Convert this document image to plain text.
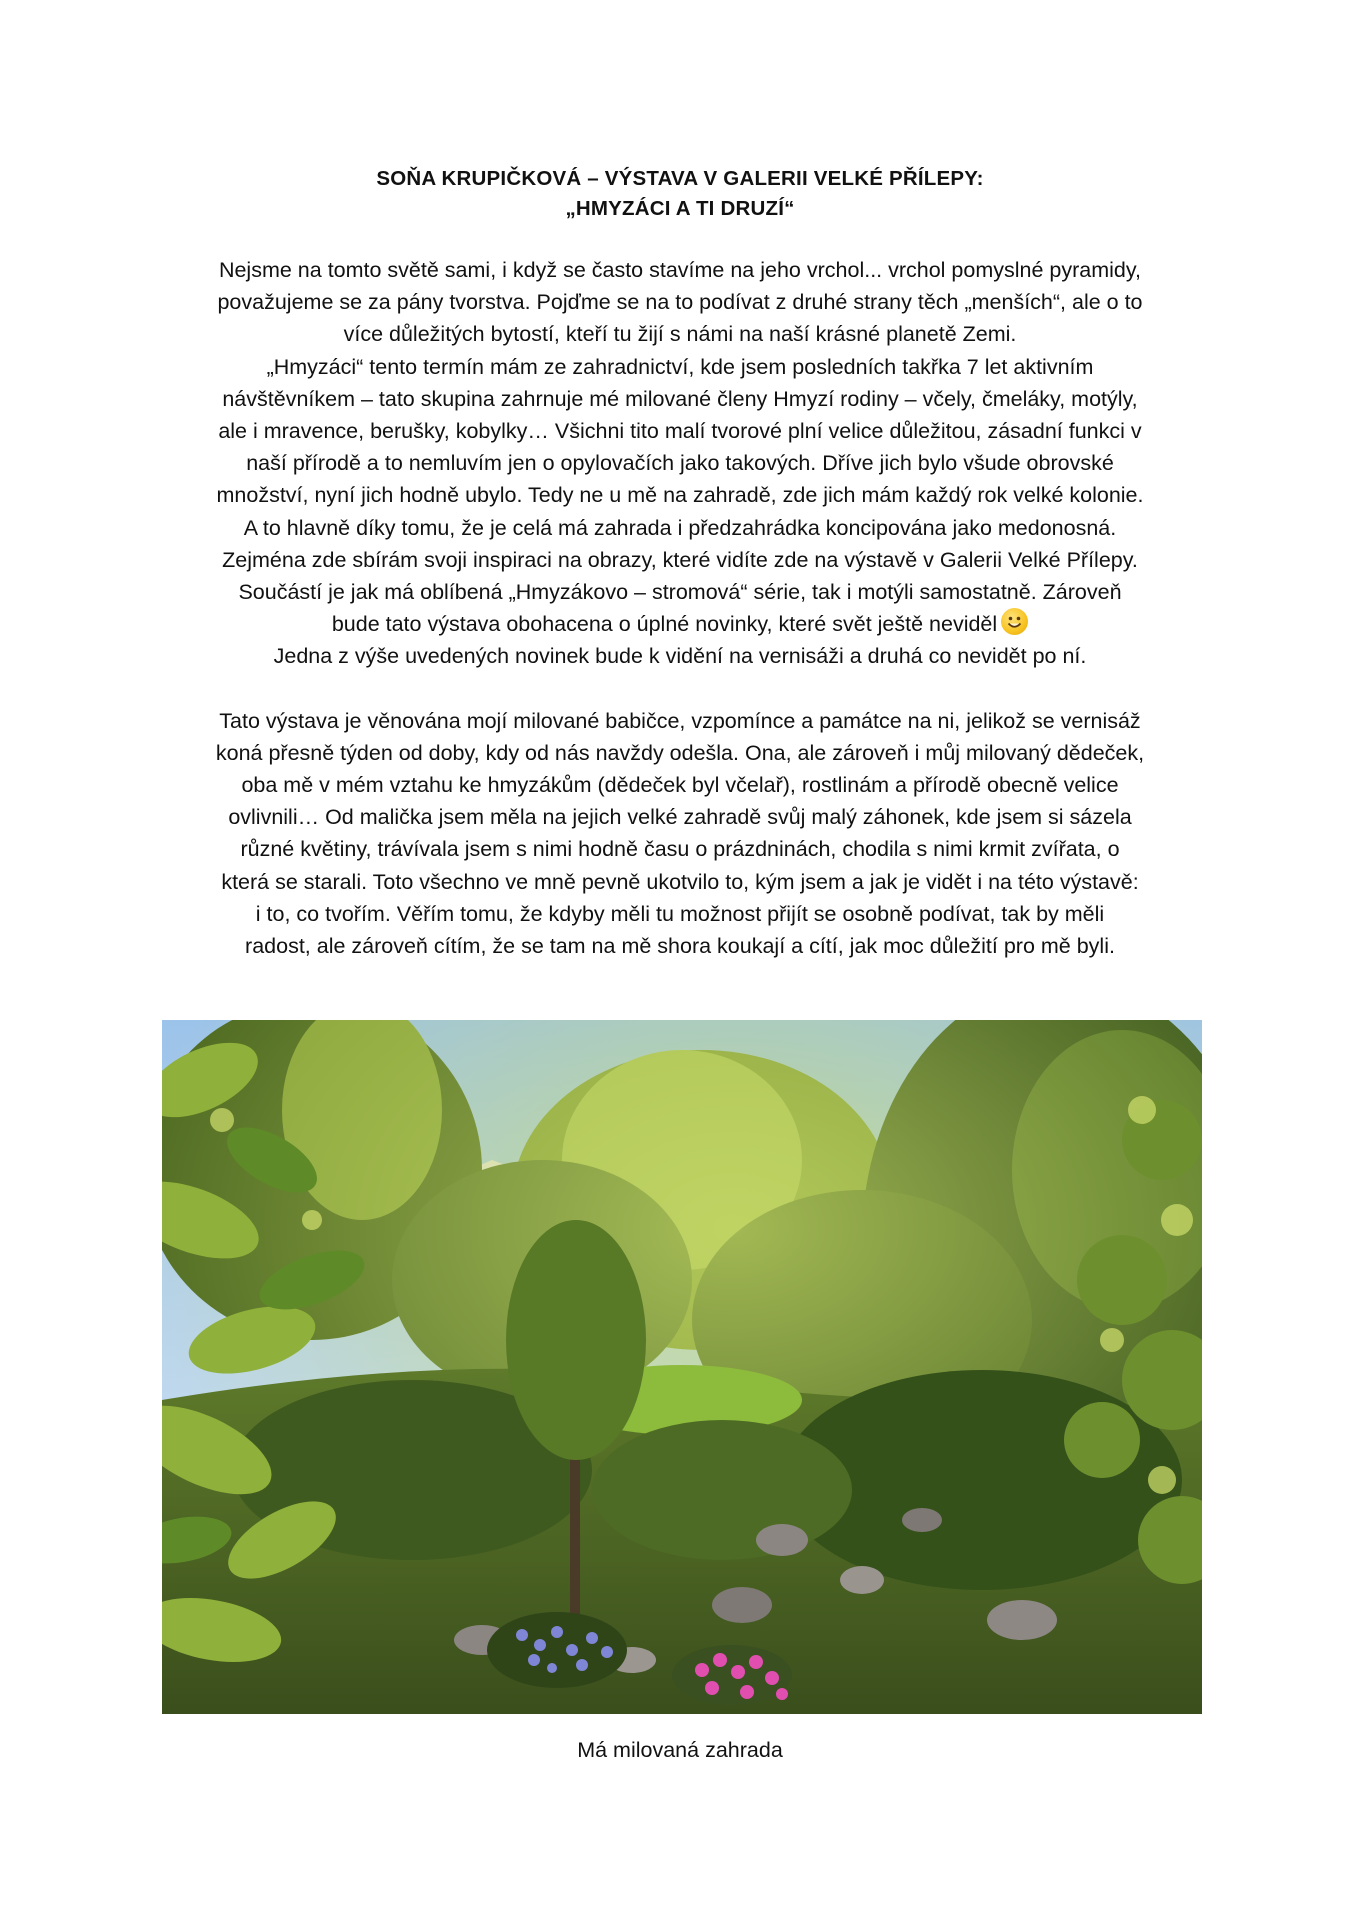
SOŇA KRUPIČKOVÁ – VÝSTAVA V GALERII VELKÉ PŘÍLEPY:
„HMYZÁCI A TI DRUZÍ“
Nejsme na tomto světě sami, i když se často stavíme na jeho vrchol... vrchol pomyslné pyramidy,
považujeme se za pány tvorstva. Pojďme se na to podívat z druhé strany těch „menších“, ale o to
více důležitých bytostí, kteří tu žijí s námi na naší krásné planetě Zemi.
„Hmyzáci“ tento termín mám ze zahradnictví, kde jsem posledních takřka 7 let aktivním
návštěvníkem – tato skupina zahrnuje mé milované členy Hmyzí rodiny – včely, čmeláky, motýly,
ale i mravence, berušky, kobylky… Všichni tito malí tvorové plní velice důležitou, zásadní funkci v
naší přírodě a to nemluvím jen o opylovačích jako takových. Dříve jich bylo všude obrovské
množství, nyní jich hodně ubylo. Tedy ne u mě na zahradě, zde jich mám každý rok velké kolonie.
A to hlavně díky tomu, že je celá má zahrada i předzahrádka koncipována jako medonosná.
Zejména zde sbírám svoji inspiraci na obrazy, které vidíte zde na výstavě v Galerii Velké Přílepy.
Součástí je jak má oblíbená „Hmyzákovo – stromová“ série, tak i motýli samostatně. Zároveň
bude tato výstava obohacena o úplné novinky, které svět ještě neviděl
Jedna z výše uvedených novinek bude k vidění na vernisáži a druhá co nevidět po ní.
Tato výstava je věnována mojí milované babičce, vzpomínce a památce na ni, jelikož se vernisáž
koná přesně týden od doby, kdy od nás navždy odešla. Ona, ale zároveň i můj milovaný dědeček,
oba mě v mém vztahu ke hmyzákům (dědeček byl včelař), rostlinám a přírodě obecně velice
ovlivnili… Od malička jsem měla na jejich velké zahradě svůj malý záhonek, kde jsem si sázela
různé květiny, trávívala jsem s nimi hodně času o prázdninách, chodila s nimi krmit zvířata, o
která se starali. Toto všechno ve mně pevně ukotvilo to, kým jsem a jak je vidět i na této výstavě:
i to, co tvořím. Věřím tomu, že kdyby měli tu možnost přijít se osobně podívat, tak by měli
radost, ale zároveň cítím, že se tam na mě shora koukají a cítí, jak moc důležití pro mě byli.
Má milovaná zahrada
